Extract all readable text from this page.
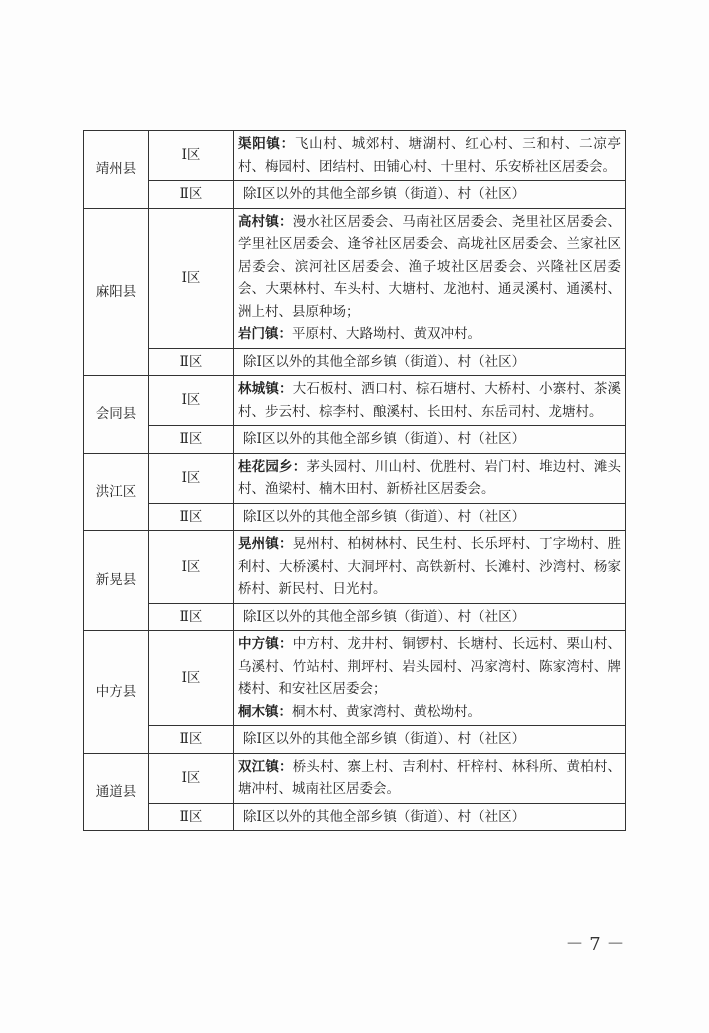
靖州县	Ⅰ区	渠阳镇：飞山村、城郊村、塘湖村、红心村、三和村、二凉亭村、梅园村、团结村、田铺心村、十里村、乐安桥社区居委会。

	Ⅱ区	除Ⅰ区以外的其他全部乡镇（街道）、村（社区）
麻阳县	Ⅰ区	高村镇：漫水社区居委会、马南社区居委会、尧里社区居委会、学里社区居委会、逢爷社区居委会、高垅社区居委会、兰家社区居委会、滨河社区居委会、渔子坡社区居委会、兴隆社区居委会、大栗林村、车头村、大塘村、龙池村、通灵溪村、通溪村、洲上村、县原种场；
岩门镇：平原村、大路坳村、黄双冲村。

	Ⅱ区	除Ⅰ区以外的其他全部乡镇（街道）、村（社区）
会同县	Ⅰ区	林城镇：大石板村、洒口村、棕石塘村、大桥村、小寨村、茶溪村、步云村、棕李村、酿溪村、长田村、东岳司村、龙塘村。

	Ⅱ区	除Ⅰ区以外的其他全部乡镇（街道）、村（社区）
洪江区	Ⅰ区	桂花园乡：茅头园村、川山村、优胜村、岩门村、堆边村、滩头村、渔梁村、楠木田村、新桥社区居委会。

	Ⅱ区	除Ⅰ区以外的其他全部乡镇（街道）、村（社区）
新晃县	Ⅰ区	晃州镇：晃州村、柏树林村、民生村、长乐坪村、丁字坳村、胜利村、大桥溪村、大洞坪村、高铁新村、长滩村、沙湾村、杨家桥村、新民村、日光村。

	Ⅱ区	除Ⅰ区以外的其他全部乡镇（街道）、村（社区）
中方县	Ⅰ区	中方镇：中方村、龙井村、铜锣村、长塘村、长远村、栗山村、乌溪村、竹站村、荆坪村、岩头园村、冯家湾村、陈家湾村、牌楼村、和安社区居委会；
桐木镇：桐木村、黄家湾村、黄松坳村。

	Ⅱ区	除Ⅰ区以外的其他全部乡镇（街道）、村（社区）
通道县	Ⅰ区	双江镇：桥头村、寨上村、吉利村、杆梓村、林科所、黄柏村、塘冲村、城南社区居委会。

	Ⅱ区	除Ⅰ区以外的其他全部乡镇（街道）、村（社区）
－ 7 －
